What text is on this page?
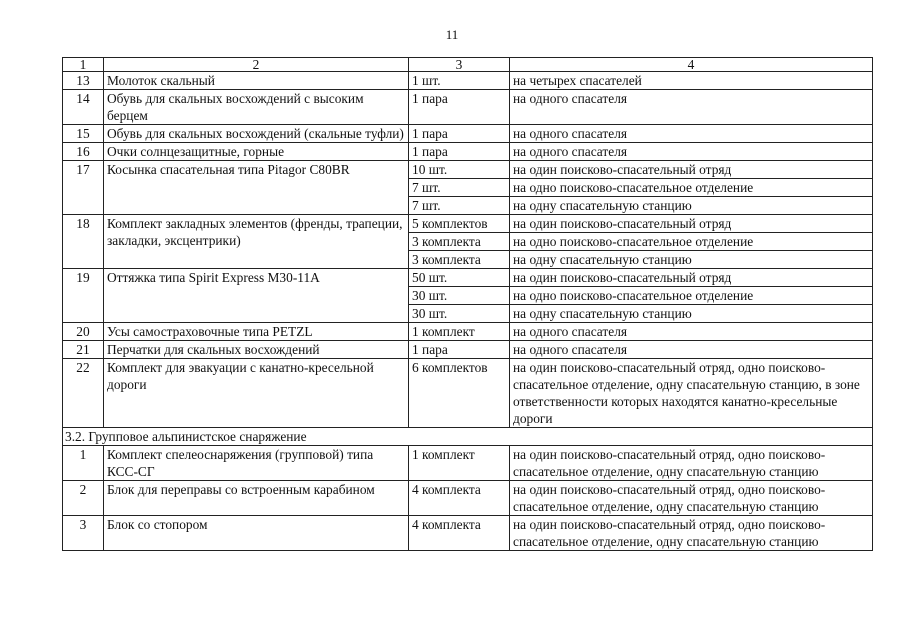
11
1	2	3	4
13	Молоток скальный	1 шт.	на четырех спасателей
14	Обувь для скальных восхождений с высоким берцем	1 пара	на одного спасателя
15	Обувь для скальных восхождений (скальные туфли)	1 пара	на одного спасателя
16	Очки солнцезащитные, горные	1 пара	на одного спасателя
17	Косынка спасательная типа Pitagor C80BR	10 шт.	на один поисково-спасательный отряд
		7 шт.	на одно поисково-спасательное отделение
		7 шт.	на одну спасательную станцию
18	Комплект закладных элементов (френды, трапеции, закладки, эксцентрики)	5 комплектов	на один поисково-спасательный отряд
		3 комплекта	на одно поисково-спасательное отделение
		3 комплекта	на одну спасательную станцию
19	Оттяжка типа Spirit Express M30-11A	50 шт.	на один поисково-спасательный отряд
		30 шт.	на одно поисково-спасательное отделение
		30 шт.	на одну спасательную станцию
20	Усы самостраховочные типа PETZL	1 комплект	на одного спасателя
21	Перчатки для скальных восхождений	1 пара	на одного спасателя
22	Комплект для эвакуации с канатно-кресельной дороги	6 комплектов	на один поисково-спасательный отряд, одно поисково-спасательное отделение, одну спасательную станцию, в зоне ответственности которых находятся канатно-кресельные дороги
3.2. Групповое альпинистское снаряжение			
1	Комплект спелеоснаряжения (групповой) типа КСС-СГ	1 комплект	на один поисково-спасательный отряд, одно поисково-спасательное отделение, одну спасательную станцию
2	Блок для переправы со встроенным карабином	4 комплекта	на один поисково-спасательный отряд, одно поисково-спасательное отделение, одну спасательную станцию
3	Блок со стопором	4 комплекта	на один поисково-спасательный отряд, одно поисково-спасательное отделение, одну спасательную станцию
